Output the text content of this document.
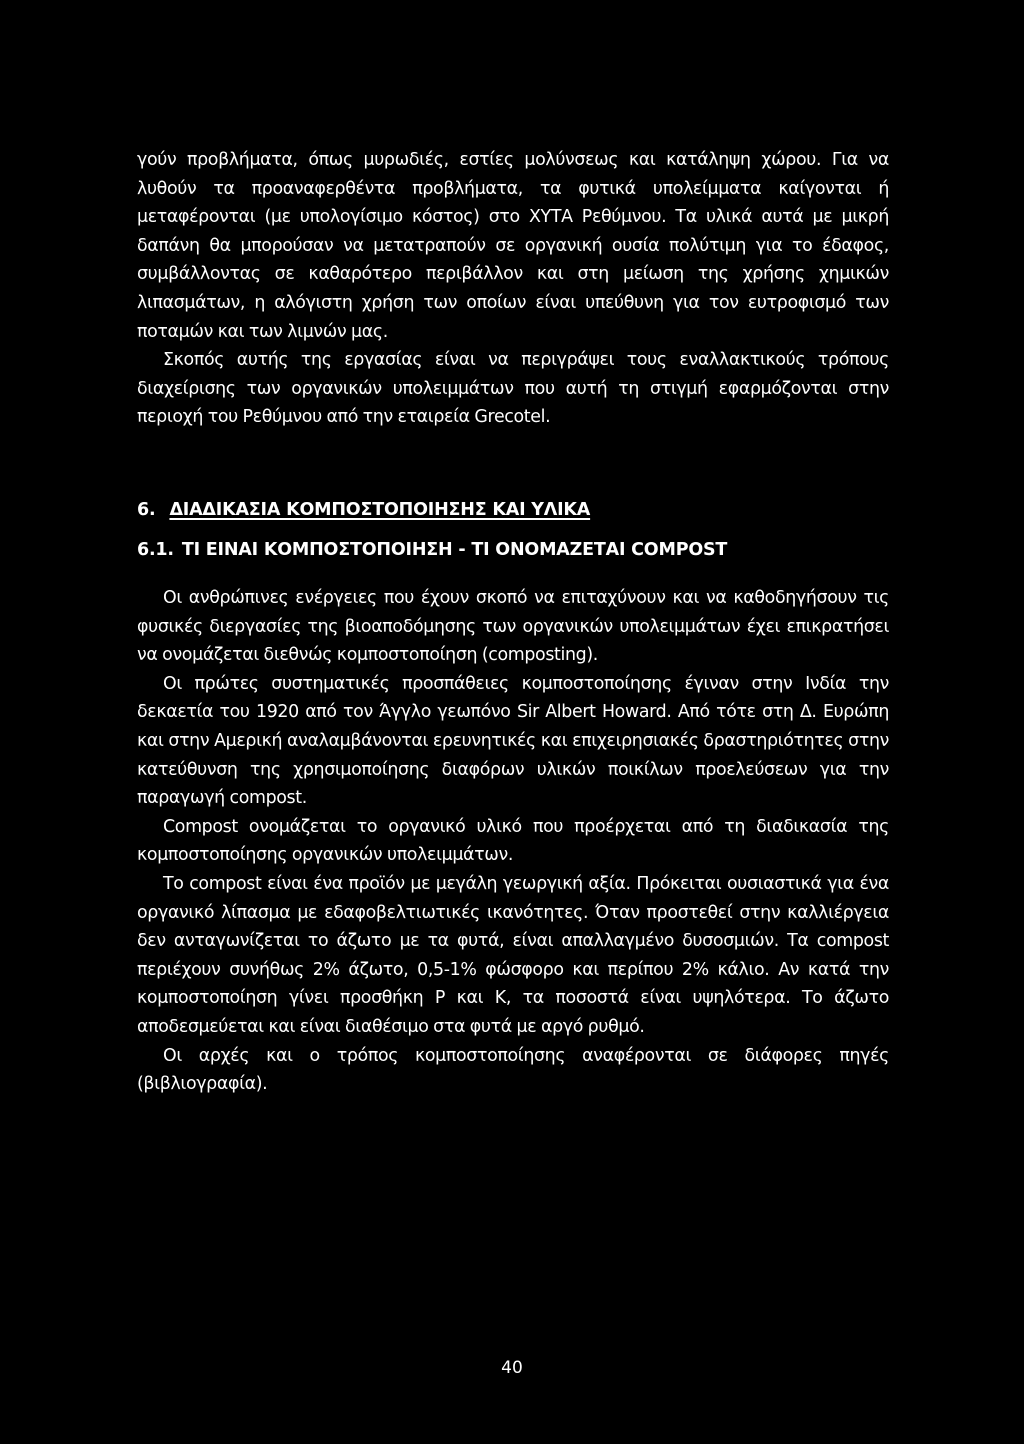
γούν προβλήματα, όπως μυρωδιές, εστίες μολύνσεως και κατάληψη χώρου. Για να λυθούν τα προαναφερθέντα προβλήματα, τα φυτικά υπολείμματα καίγονται ή μεταφέρονται (με υπολογίσιμο κόστος) στο ΧΥΤΑ Ρεθύμνου. Τα υλικά αυτά με μικρή δαπάνη θα μπορούσαν να μετατραπούν σε οργανική ουσία πολύτιμη για το έδαφος, συμβάλλοντας σε καθαρότερο περιβάλλον και στη μείωση της χρήσης χημικών λιπασμάτων, η αλόγιστη χρήση των οποίων είναι υπεύθυνη για τον ευτροφισμό των ποταμών και των λιμνών μας.

Σκοπός αυτής της εργασίας είναι να περιγράψει τους εναλλακτικούς τρόπους διαχείρισης των οργανικών υπολειμμάτων που αυτή τη στιγμή εφαρμόζονται στην περιοχή του Ρεθύμνου από την εταιρεία Grecotel.

6. ΔΙΑΔΙΚΑΣΙΑ ΚΟΜΠΟΣΤΟΠΟΙΗΣΗΣ ΚΑΙ ΥΛΙΚΑ
6.1. ΤΙ ΕΙΝΑΙ ΚΟΜΠΟΣΤΟΠΟΙΗΣΗ - ΤΙ ΟΝΟΜΑΖΕΤΑΙ COMPOST

Οι ανθρώπινες ενέργειες που έχουν σκοπό να επιταχύνουν και να καθοδηγήσουν τις φυσικές διεργασίες της βιοαποδόμησης των οργανικών υπολειμμάτων έχει επικρατήσει να ονομάζεται διεθνώς κομποστοποίηση (composting).

Οι πρώτες συστηματικές προσπάθειες κομποστοποίησης έγιναν στην Ινδία την δεκαετία του 1920 από τον Άγγλο γεωπόνο Sir Albert Howard. Από τότε στη Δ. Ευρώπη και στην Αμερική αναλαμβάνονται ερευνητικές και επιχειρησιακές δραστηριότητες στην κατεύθυνση της χρησιμοποίησης διαφόρων υλικών ποικίλων προελεύσεων για την παραγωγή compost.

Compost ονομάζεται το οργανικό υλικό που προέρχεται από τη διαδικασία της κομποστοποίησης οργανικών υπολειμμάτων.

Το compost είναι ένα προϊόν με μεγάλη γεωργική αξία. Πρόκειται ουσιαστικά για ένα οργανικό λίπασμα με εδαφοβελτιωτικές ικανότητες. Όταν προστεθεί στην καλλιέργεια δεν ανταγωνίζεται το άζωτο με τα φυτά, είναι απαλλαγμένο δυσοσμιών. Τα compost περιέχουν συνήθως 2% άζωτο, 0,5-1% φώσφορο και περίπου 2% κάλιο. Αν κατά την κομποστοποίηση γίνει προσθήκη P και K, τα ποσοστά είναι υψηλότερα. Το άζωτο αποδεσμεύεται και είναι διαθέσιμο στα φυτά με αργό ρυθμό.

Οι αρχές και ο τρόπος κομποστοποίησης αναφέρονται σε διάφορες πηγές (βιβλιογραφία).

40
